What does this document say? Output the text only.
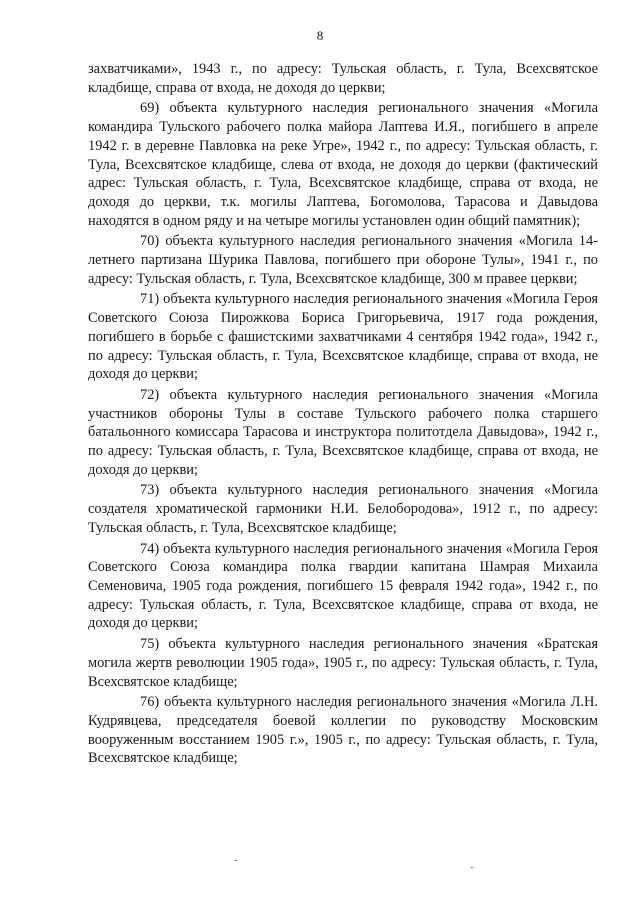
8

захватчиками», 1943 г., по адресу: Тульская область, г. Тула, Всехсвятское кладбище, справа от входа, не доходя до церкви;

69) объекта культурного наследия регионального значения «Могила командира Тульского рабочего полка майора Лаптева И.Я., погибшего в апреле 1942 г. в деревне Павловка на реке Угре», 1942 г., по адресу: Тульская область, г. Тула, Всехсвятское кладбище, слева от входа, не доходя до церкви (фактический адрес: Тульская область, г. Тула, Всехсвятское кладбище, справа от входа, не доходя до церкви, т.к. могилы Лаптева, Богомолова, Тарасова и Давыдова находятся в одном ряду и на четыре могилы установлен один общий памятник);

70) объекта культурного наследия регионального значения «Могила 14-летнего партизана Шурика Павлова, погибшего при обороне Тулы», 1941 г., по адресу: Тульская область, г. Тула, Всехсвятское кладбище, 300 м правее церкви;

71) объекта культурного наследия регионального значения «Могила Героя Советского Союза Пирожкова Бориса Григорьевича, 1917 года рождения, погибшего в борьбе с фашистскими захватчиками 4 сентября 1942 года», 1942 г., по адресу: Тульская область, г. Тула, Всехсвятское кладбище, справа от входа, не доходя до церкви;

72) объекта культурного наследия регионального значения «Могила участников обороны Тулы в составе Тульского рабочего полка старшего батальонного комиссара Тарасова и инструктора политотдела Давыдова», 1942 г., по адресу: Тульская область, г. Тула, Всехсвятское кладбище, справа от входа, не доходя до церкви;

73) объекта культурного наследия регионального значения «Могила создателя хроматической гармоники Н.И. Белобородова», 1912 г., по адресу: Тульская область, г. Тула, Всехсвятское кладбище;

74) объекта культурного наследия регионального значения «Могила Героя Советского Союза командира полка гвардии капитана Шамрая Михаила Семеновича, 1905 года рождения, погибшего 15 февраля 1942 года», 1942 г., по адресу: Тульская область, г. Тула, Всехсвятское кладбище, справа от входа, не доходя до церкви;

75) объекта культурного наследия регионального значения «Братская могила жертв революции 1905 года», 1905 г., по адресу: Тульская область, г. Тула, Всехсвятское кладбище;

76) объекта культурного наследия регионального значения «Могила Л.Н. Кудрявцева, председателя боевой коллегии по руководству Московским вооруженным восстанием 1905 г.», 1905 г., по адресу: Тульская область, г. Тула, Всехсвятское кладбище;

-
-
